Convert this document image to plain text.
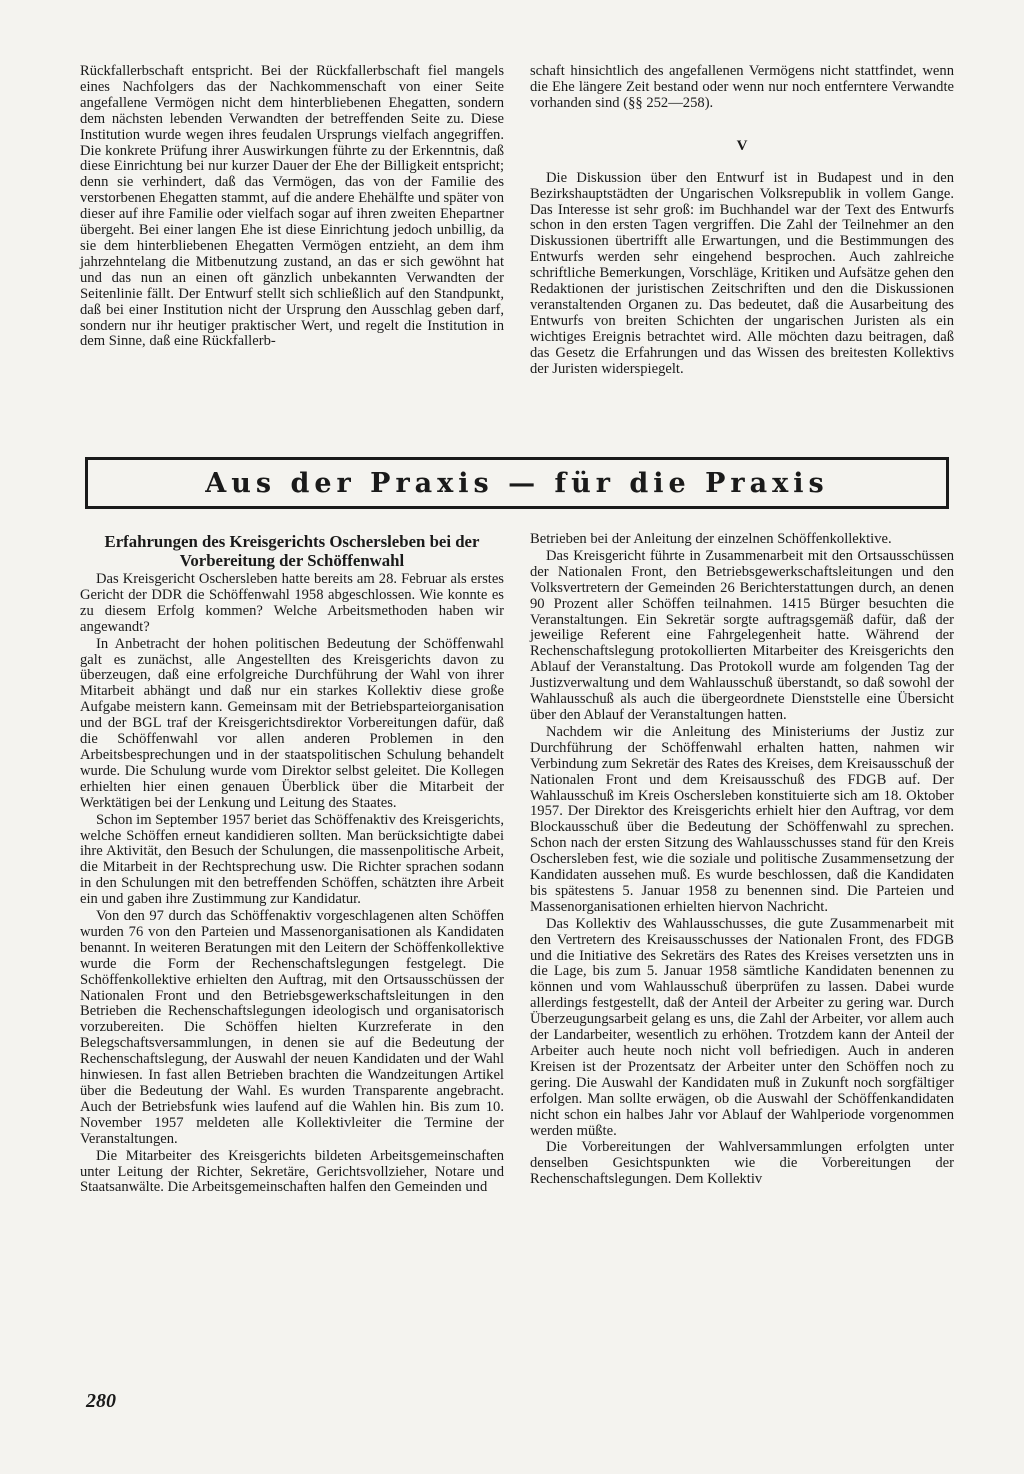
Rückfallerbschaft entspricht. Bei der Rückfallerbschaft fiel mangels eines Nachfolgers das der Nachkommenschaft von einer Seite angefallene Vermögen nicht dem hinterbliebenen Ehegatten, sondern dem nächsten lebenden Verwandten der betreffenden Seite zu. Diese Institution wurde wegen ihres feudalen Ursprungs vielfach angegriffen. Die konkrete Prüfung ihrer Auswirkungen führte zu der Erkenntnis, daß diese Einrichtung bei nur kurzer Dauer der Ehe der Billigkeit entspricht; denn sie verhindert, daß das Vermögen, das von der Familie des verstorbenen Ehegatten stammt, auf die andere Ehehälfte und später von dieser auf ihre Familie oder vielfach sogar auf ihren zweiten Ehepartner übergeht. Bei einer langen Ehe ist diese Einrichtung jedoch unbillig, da sie dem hinterbliebenen Ehegatten Vermögen entzieht, an dem ihm jahrzehntelang die Mitbenutzung zustand, an das er sich gewöhnt hat und das nun an einen oft gänzlich unbekannten Verwandten der Seitenlinie fällt. Der Entwurf stellt sich schließlich auf den Standpunkt, daß bei einer Institution nicht der Ursprung den Ausschlag geben darf, sondern nur ihr heutiger praktischer Wert, und regelt die Institution in dem Sinne, daß eine Rückfallerb-

schaft hinsichtlich des angefallenen Vermögens nicht stattfindet, wenn die Ehe längere Zeit bestand oder wenn nur noch entferntere Verwandte vorhanden sind (§§ 252—258).

V

Die Diskussion über den Entwurf ist in Budapest und in den Bezirkshauptstädten der Ungarischen Volksrepublik in vollem Gange. Das Interesse ist sehr groß: im Buchhandel war der Text des Entwurfs schon in den ersten Tagen vergriffen. Die Zahl der Teilnehmer an den Diskussionen übertrifft alle Erwartungen, und die Bestimmungen des Entwurfs werden sehr eingehend besprochen. Auch zahlreiche schriftliche Bemerkungen, Vorschläge, Kritiken und Aufsätze gehen den Redaktionen der juristischen Zeitschriften und den die Diskussionen veranstaltenden Organen zu. Das bedeutet, daß die Ausarbeitung des Entwurfs von breiten Schichten der ungarischen Juristen als ein wichtiges Ereignis betrachtet wird. Alle möchten dazu beitragen, daß das Gesetz die Erfahrungen und das Wissen des breitesten Kollektivs der Juristen widerspiegelt.

Aus der Praxis — für die Praxis
Erfahrungen des Kreisgerichts Oschersleben bei der Vorbereitung der Schöffenwahl

Das Kreisgericht Oschersleben hatte bereits am 28. Februar als erstes Gericht der DDR die Schöffenwahl 1958 abgeschlossen. Wie konnte es zu diesem Erfolg kommen? Welche Arbeitsmethoden haben wir angewandt?

In Anbetracht der hohen politischen Bedeutung der Schöffenwahl galt es zunächst, alle Angestellten des Kreisgerichts davon zu überzeugen, daß eine erfolgreiche Durchführung der Wahl von ihrer Mitarbeit abhängt und daß nur ein starkes Kollektiv diese große Aufgabe meistern kann. Gemeinsam mit der Betriebsparteiorganisation und der BGL traf der Kreisgerichtsdirektor Vorbereitungen dafür, daß die Schöffenwahl vor allen anderen Problemen in den Arbeitsbesprechungen und in der staatspolitischen Schulung behandelt wurde. Die Schulung wurde vom Direktor selbst geleitet. Die Kollegen erhielten hier einen genauen Überblick über die Mitarbeit der Werktätigen bei der Lenkung und Leitung des Staates.

Schon im September 1957 beriet das Schöffenaktiv des Kreisgerichts, welche Schöffen erneut kandidieren sollten. Man berücksichtigte dabei ihre Aktivität, den Besuch der Schulungen, die massenpolitische Arbeit, die Mitarbeit in der Rechtsprechung usw. Die Richter sprachen sodann in den Schulungen mit den betreffenden Schöffen, schätzten ihre Arbeit ein und gaben ihre Zustimmung zur Kandidatur.

Von den 97 durch das Schöffenaktiv vorgeschlagenen alten Schöffen wurden 76 von den Parteien und Massenorganisationen als Kandidaten benannt. In weiteren Beratungen mit den Leitern der Schöffenkollektive wurde die Form der Rechenschaftslegungen festgelegt. Die Schöffenkollektive erhielten den Auftrag, mit den Ortsausschüssen der Nationalen Front und den Betriebsgewerkschaftsleitungen in den Betrieben die Rechenschaftslegungen ideologisch und organisatorisch vorzubereiten. Die Schöffen hielten Kurzreferate in den Belegschaftsversammlungen, in denen sie auf die Bedeutung der Rechenschaftslegung, der Auswahl der neuen Kandidaten und der Wahl hinwiesen. In fast allen Betrieben brachten die Wandzeitungen Artikel über die Bedeutung der Wahl. Es wurden Transparente angebracht. Auch der Betriebsfunk wies laufend auf die Wahlen hin. Bis zum 10. November 1957 meldeten alle Kollektivleiter die Termine der Veranstaltungen.

Die Mitarbeiter des Kreisgerichts bildeten Arbeitsgemeinschaften unter Leitung der Richter, Sekretäre, Gerichtsvollzieher, Notare und Staatsanwälte. Die Arbeitsgemeinschaften halfen den Gemeinden und

Betrieben bei der Anleitung der einzelnen Schöffenkollektive.

Das Kreisgericht führte in Zusammenarbeit mit den Ortsausschüssen der Nationalen Front, den Betriebsgewerkschaftsleitungen und den Volksvertretern der Gemeinden 26 Berichterstattungen durch, an denen 90 Prozent aller Schöffen teilnahmen. 1415 Bürger besuchten die Veranstaltungen. Ein Sekretär sorgte auftragsgemäß dafür, daß der jeweilige Referent eine Fahrgelegenheit hatte. Während der Rechenschaftslegung protokollierten Mitarbeiter des Kreisgerichts den Ablauf der Veranstaltung. Das Protokoll wurde am folgenden Tag der Justizverwaltung und dem Wahlausschuß überstandt, so daß sowohl der Wahlausschuß als auch die übergeordnete Dienststelle eine Übersicht über den Ablauf der Veranstaltungen hatten.

Nachdem wir die Anleitung des Ministeriums der Justiz zur Durchführung der Schöffenwahl erhalten hatten, nahmen wir Verbindung zum Sekretär des Rates des Kreises, dem Kreisausschuß der Nationalen Front und dem Kreisausschuß des FDGB auf. Der Wahlausschuß im Kreis Oschersleben konstituierte sich am 18. Oktober 1957. Der Direktor des Kreisgerichts erhielt hier den Auftrag, vor dem Blockausschuß über die Bedeutung der Schöffenwahl zu sprechen. Schon nach der ersten Sitzung des Wahlausschusses stand für den Kreis Oschersleben fest, wie die soziale und politische Zusammensetzung der Kandidaten aussehen muß. Es wurde beschlossen, daß die Kandidaten bis spätestens 5. Januar 1958 zu benennen sind. Die Parteien und Massenorganisationen erhielten hiervon Nachricht.

Das Kollektiv des Wahlausschusses, die gute Zusammenarbeit mit den Vertretern des Kreisausschusses der Nationalen Front, des FDGB und die Initiative des Sekretärs des Rates des Kreises versetzten uns in die Lage, bis zum 5. Januar 1958 sämtliche Kandidaten benennen zu können und vom Wahlausschuß überprüfen zu lassen. Dabei wurde allerdings festgestellt, daß der Anteil der Arbeiter zu gering war. Durch Überzeugungsarbeit gelang es uns, die Zahl der Arbeiter, vor allem auch der Landarbeiter, wesentlich zu erhöhen. Trotzdem kann der Anteil der Arbeiter auch heute noch nicht voll befriedigen. Auch in anderen Kreisen ist der Prozentsatz der Arbeiter unter den Schöffen noch zu gering. Die Auswahl der Kandidaten muß in Zukunft noch sorgfältiger erfolgen. Man sollte erwägen, ob die Auswahl der Schöffenkandidaten nicht schon ein halbes Jahr vor Ablauf der Wahlperiode vorgenommen werden müßte.

Die Vorbereitungen der Wahlversammlungen erfolgten unter denselben Gesichtspunkten wie die Vorbereitungen der Rechenschaftslegungen. Dem Kollektiv

280
